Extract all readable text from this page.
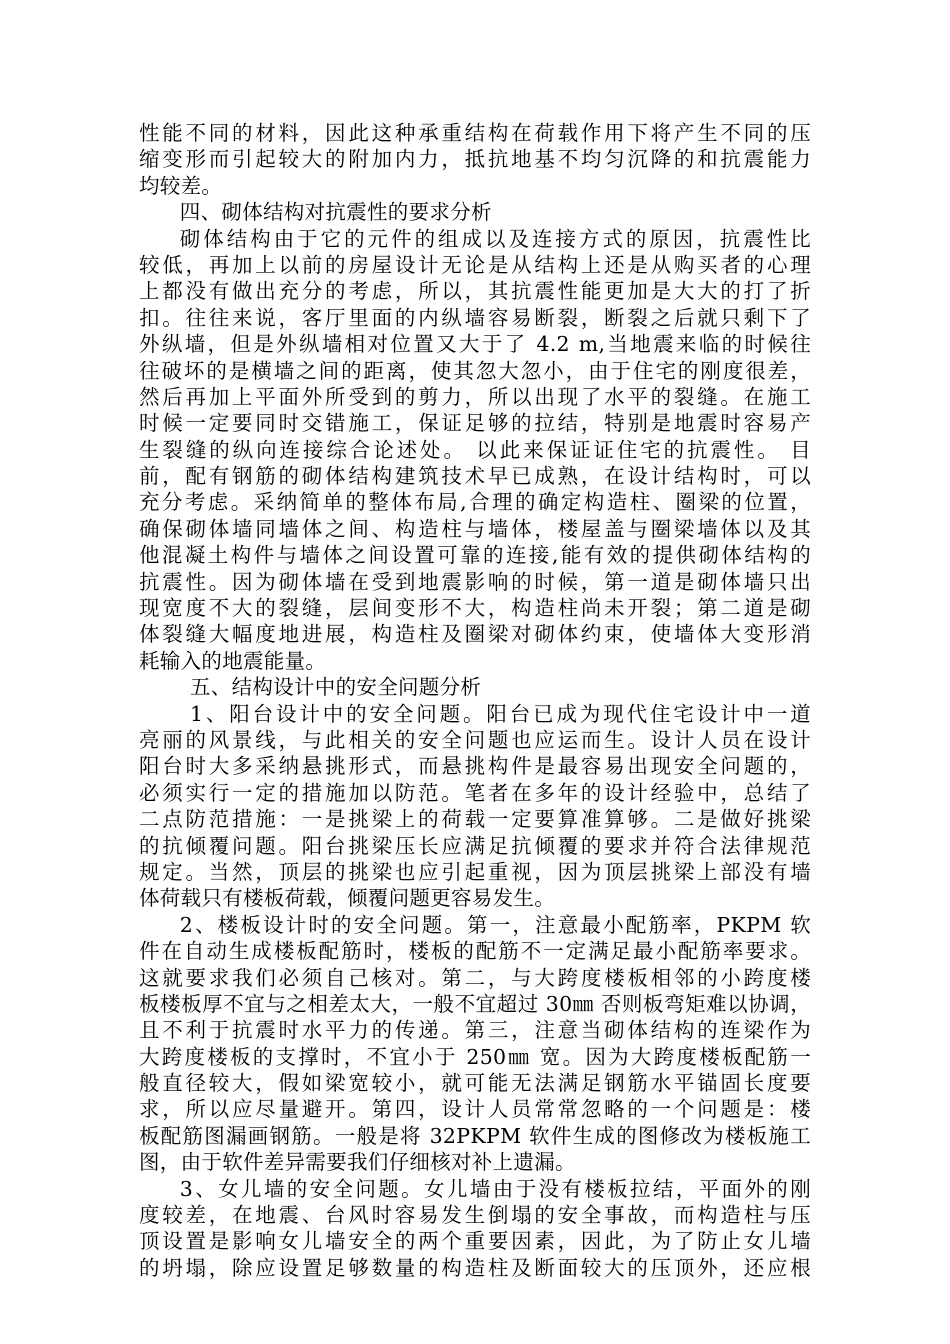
性能不同的材料，因此这种承重结构在荷载作用下将产生不同的压
缩变形而引起较大的附加内力，抵抗地基不均匀沉降的和抗震能力
均较差。
四、砌体结构对抗震性的要求分析
砌体结构由于它的元件的组成以及连接方式的原因，抗震性比
较低，再加上以前的房屋设计无论是从结构上还是从购买者的心理
上都没有做出充分的考虑，所以，其抗震性能更加是大大的打了折
扣。往往来说，客厅里面的内纵墙容易断裂，断裂之后就只剩下了
外纵墙，但是外纵墙相对位置又大于了 4.2 m,当地震来临的时候往
往破坏的是横墙之间的距离，使其忽大忽小，由于住宅的刚度很差，
然后再加上平面外所受到的剪力，所以出现了水平的裂缝。在施工
时候一定要同时交错施工，保证足够的拉结，特别是地震时容易产
生裂缝的纵向连接综合论述处。 以此来保证证住宅的抗震性。 目
前，配有钢筋的砌体结构建筑技术早已成熟，在设计结构时，可以
充分考虑。采纳简单的整体布局,合理的确定构造柱、圈梁的位置，
确保砌体墙同墙体之间、构造柱与墙体，楼屋盖与圈梁墙体以及其
他混凝土构件与墙体之间设置可靠的连接,能有效的提供砌体结构的
抗震性。因为砌体墙在受到地震影响的时候，第一道是砌体墙只出
现宽度不大的裂缝，层间变形不大，构造柱尚未开裂；第二道是砌
体裂缝大幅度地进展，构造柱及圈梁对砌体约束，使墙体大变形消
耗输入的地震能量。
五、结构设计中的安全问题分析
1、阳台设计中的安全问题。阳台已成为现代住宅设计中一道
亮丽的风景线，与此相关的安全问题也应运而生。设计人员在设计
阳台时大多采纳悬挑形式，而悬挑构件是最容易出现安全问题的，
必须实行一定的措施加以防范。笔者在多年的设计经验中，总结了
二点防范措施：一是挑梁上的荷载一定要算准算够。二是做好挑梁
的抗倾覆问题。阳台挑梁压长应满足抗倾覆的要求并符合法律规范
规定。当然，顶层的挑梁也应引起重视，因为顶层挑梁上部没有墙
体荷载只有楼板荷载，倾覆问题更容易发生。
2、楼板设计时的安全问题。第一，注意最小配筋率，PKPM 软
件在自动生成楼板配筋时，楼板的配筋不一定满足最小配筋率要求。
这就要求我们必须自己核对。第二，与大跨度楼板相邻的小跨度楼
板楼板厚不宜与之相差太大，一般不宜超过 30㎜ 否则板弯矩难以协调，
且不利于抗震时水平力的传递。第三，注意当砌体结构的连梁作为
大跨度楼板的支撑时，不宜小于 250㎜ 宽。因为大跨度楼板配筋一
般直径较大，假如梁宽较小，就可能无法满足钢筋水平锚固长度要
求，所以应尽量避开。第四，设计人员常常忽略的一个问题是：楼
板配筋图漏画钢筋。一般是将 32PKPM 软件生成的图修改为楼板施工
图，由于软件差异需要我们仔细核对补上遗漏。
3、女儿墙的安全问题。女儿墙由于没有楼板拉结，平面外的刚
度较差，在地震、台风时容易发生倒塌的安全事故，而构造柱与压
顶设置是影响女儿墙安全的两个重要因素，因此，为了防止女儿墙
的坍塌，除应设置足够数量的构造柱及断面较大的压顶外，还应根
